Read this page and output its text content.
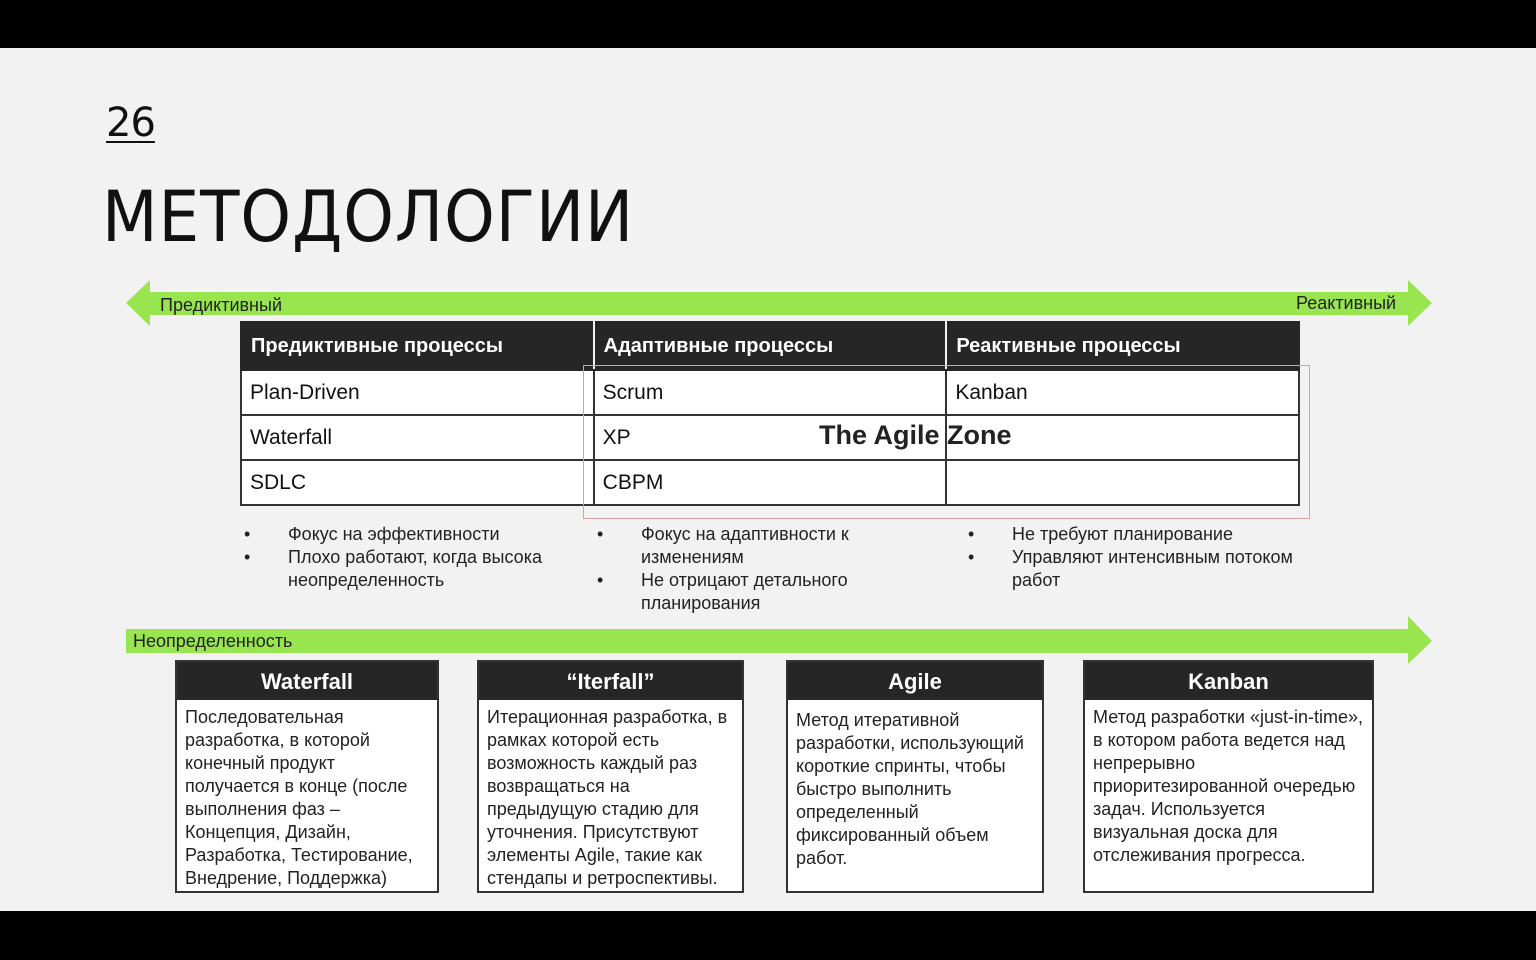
26
МЕТОДОЛОГИИ
Предиктивный	Реактивный
Предиктивные процессы	Адаптивные процессы	Реактивные процессы
Plan-Driven	Scrum	Kanban
Waterfall	XP	
SDLC	CBPM	
The Agile Zone
• Фокус на эффективности
• Плохо работают, когда высока неопределенность
• Фокус на адаптивности к изменениям
• Не отрицают детального планирования
• Не требуют планирование
• Управляют интенсивным потоком работ
Неопределенность
Waterfall
Последовательная разработка, в которой конечный продукт получается в конце (после выполнения фаз – Концепция, Дизайн, Разработка, Тестирование, Внедрение, Поддержка)
“Iterfall”
Итерационная разработка, в рамках которой есть возможность каждый раз возвращаться на предыдущую стадию для уточнения. Присутствуют элементы Agile, такие как стендапы и ретроспективы.
Agile
Метод итеративной разработки, использующий короткие спринты, чтобы быстро выполнить определенный фиксированный объем работ.
Kanban
Метод разработки «just-in-time», в котором работа ведется над непрерывно приоритезированной очередью задач. Используется визуальная доска для отслеживания прогресса.
